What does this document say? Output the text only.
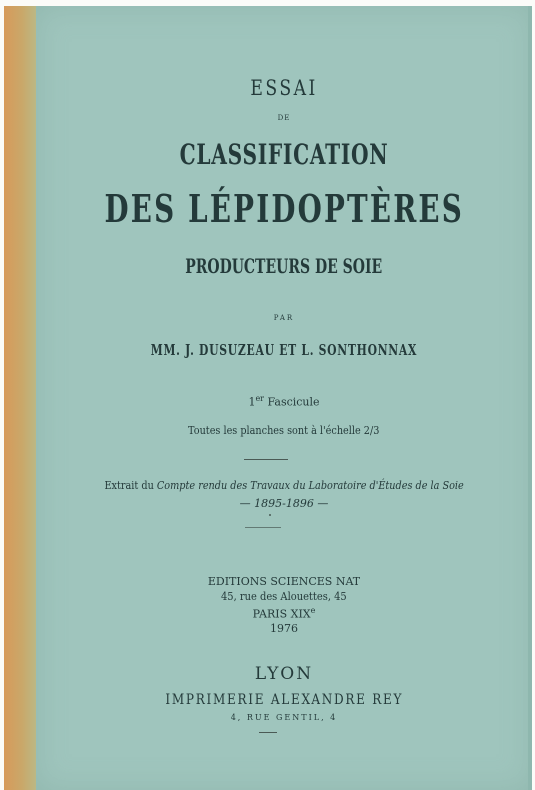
ESSAI
DE
CLASSIFICATION
DES LÉPIDOPTÈRES
PRODUCTEURS DE SOIE
PAR
MM. J. DUSUZEAU ET L. SONTHONNAX
1er Fascicule
Toutes les planches sont à l'échelle 2/3
Extrait du Compte rendu des Travaux du Laboratoire d'Études de la Soie
— 1895-1896 —
EDITIONS SCIENCES NAT
45, rue des Alouettes, 45
PARIS XIXe
1976
LYON
IMPRIMERIE ALEXANDRE REY
4, RUE GENTIL, 4
